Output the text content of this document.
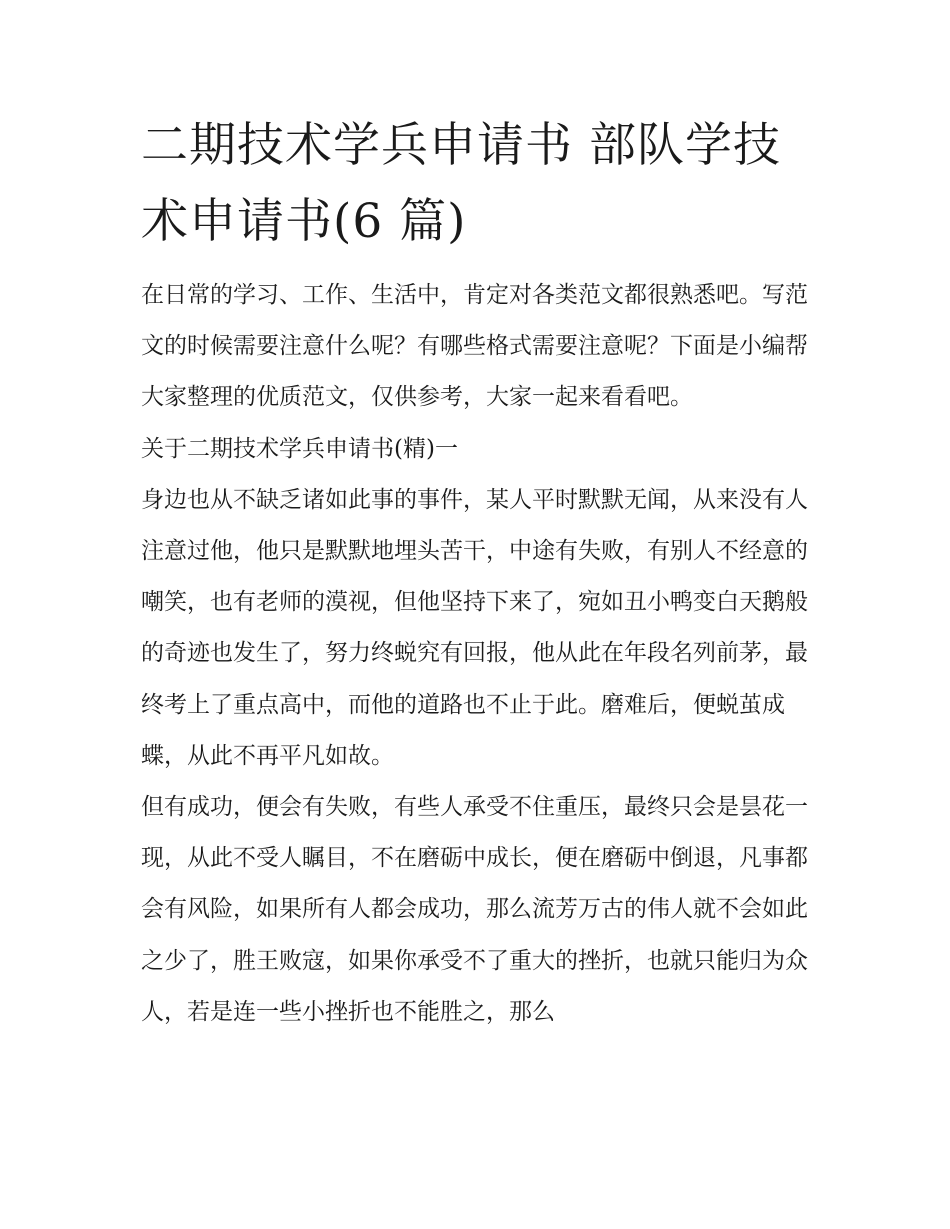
二期技术学兵申请书 部队学技术申请书(6 篇)

在日常的学习、工作、生活中，肯定对各类范文都很熟悉吧。写范文的时候需要注意什么呢？有哪些格式需要注意呢？下面是小编帮大家整理的优质范文，仅供参考，大家一起来看看吧。

关于二期技术学兵申请书(精)一

身边也从不缺乏诸如此事的事件，某人平时默默无闻，从来没有人注意过他，他只是默默地埋头苦干，中途有失败，有别人不经意的嘲笑，也有老师的漠视，但他坚持下来了，宛如丑小鸭变白天鹅般的奇迹也发生了，努力终蜕究有回报，他从此在年段名列前茅，最终考上了重点高中，而他的道路也不止于此。磨难后，便蜕茧成蝶，从此不再平凡如故。

但有成功，便会有失败，有些人承受不住重压，最终只会是昙花一现，从此不受人瞩目，不在磨砺中成长，便在磨砺中倒退，凡事都会有风险，如果所有人都会成功，那么流芳万古的伟人就不会如此之少了，胜王败寇，如果你承受不了重大的挫折，也就只能归为众人，若是连一些小挫折也不能胜之，那么
